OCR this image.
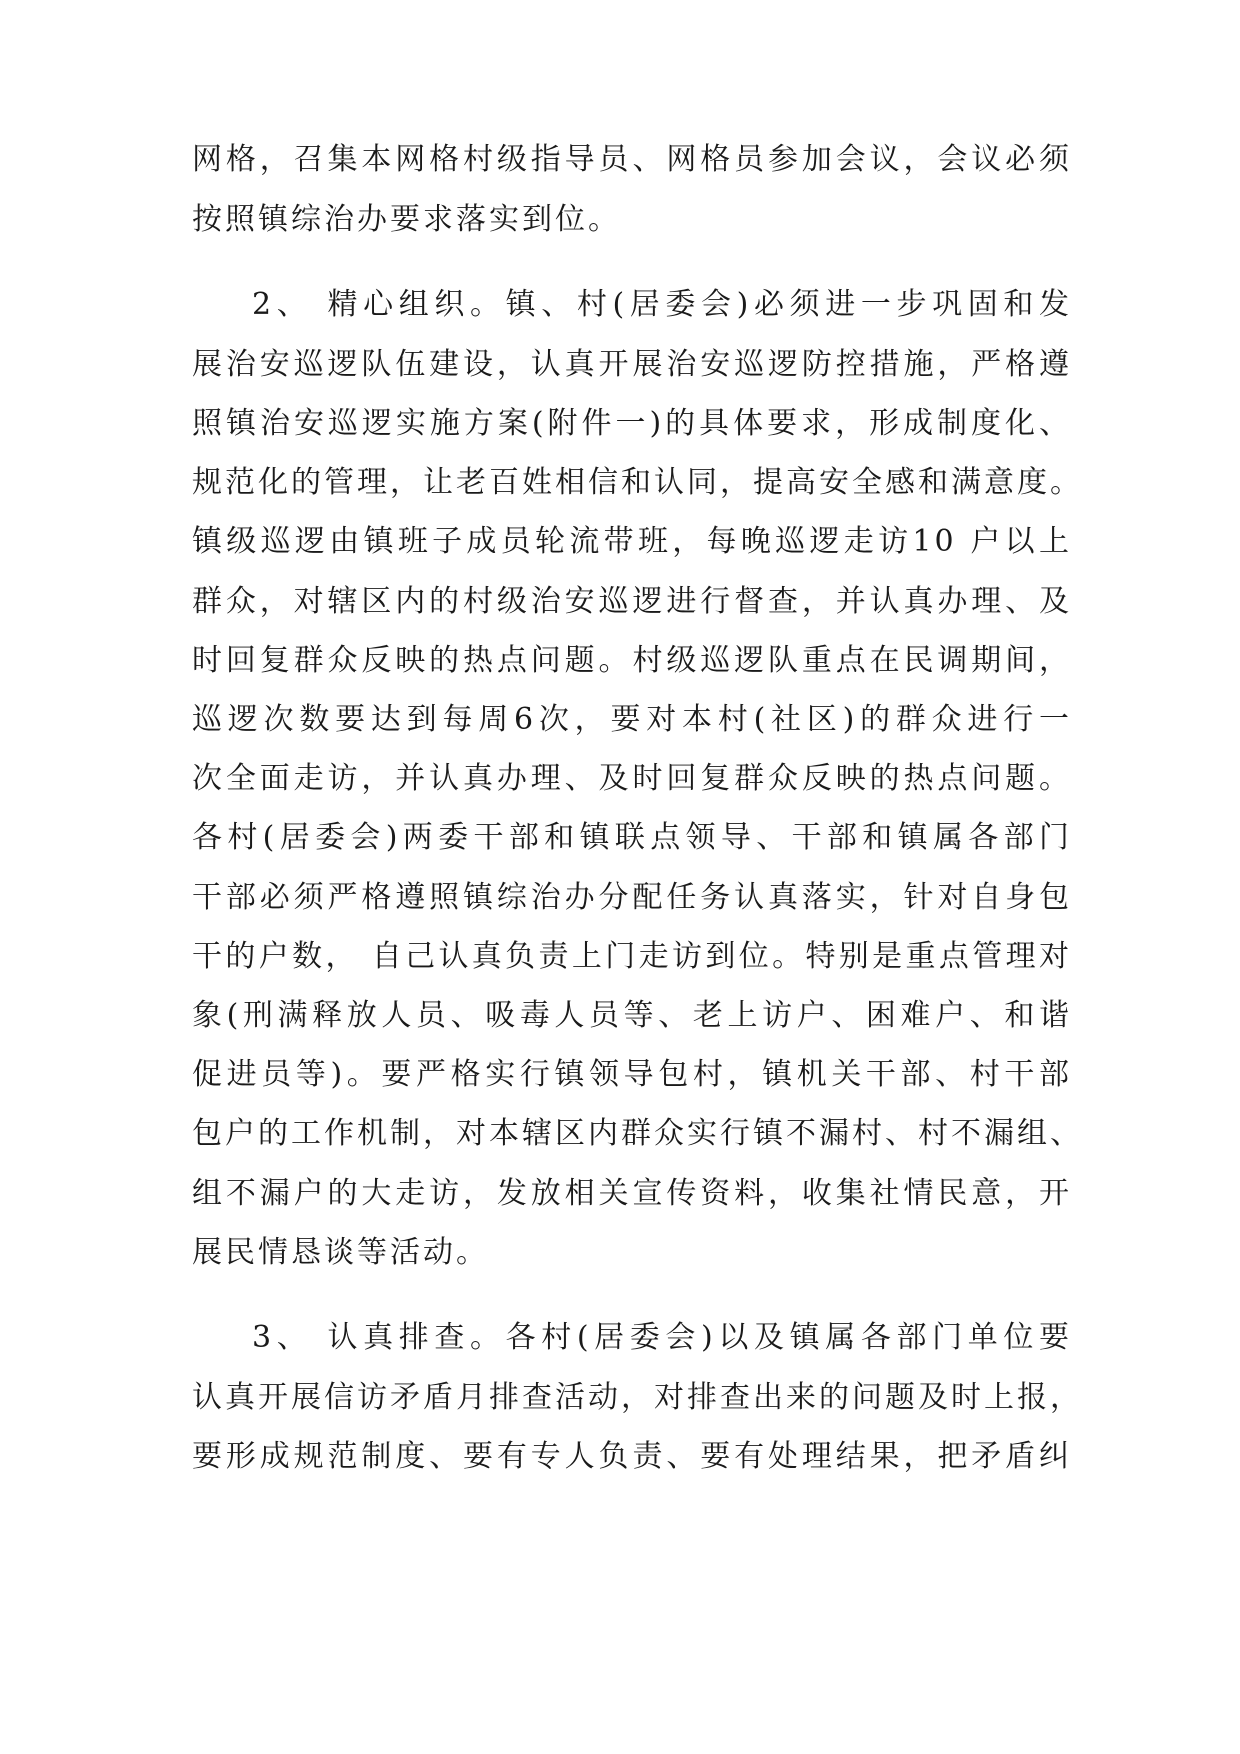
网格，召集本网格村级指导员、网格员参加会议，会议必须
按照镇综治办要求落实到位。
2、 精心组织。镇、村(居委会)必须进一步巩固和发
展治安巡逻队伍建设，认真开展治安巡逻防控措施，严格遵
照镇治安巡逻实施方案(附件一)的具体要求，形成制度化、
规范化的管理，让老百姓相信和认同，提高安全感和满意度。
镇级巡逻由镇班子成员轮流带班，每晚巡逻走访10 户以上
群众，对辖区内的村级治安巡逻进行督查，并认真办理、及
时回复群众反映的热点问题。村级巡逻队重点在民调期间，
巡逻次数要达到每周6次，要对本村(社区)的群众进行一
次全面走访，并认真办理、及时回复群众反映的热点问题。
各村(居委会)两委干部和镇联点领导、干部和镇属各部门
干部必须严格遵照镇综治办分配任务认真落实，针对自身包
干的户数， 自己认真负责上门走访到位。特别是重点管理对
象(刑满释放人员、吸毒人员等、老上访户、困难户、和谐
促进员等)。要严格实行镇领导包村，镇机关干部、村干部
包户的工作机制，对本辖区内群众实行镇不漏村、村不漏组、
组不漏户的大走访，发放相关宣传资料，收集社情民意，开
展民情恳谈等活动。
3、 认真排查。各村(居委会)以及镇属各部门单位要
认真开展信访矛盾月排查活动，对排查出来的问题及时上报，
要形成规范制度、要有专人负责、要有处理结果，把矛盾纠
